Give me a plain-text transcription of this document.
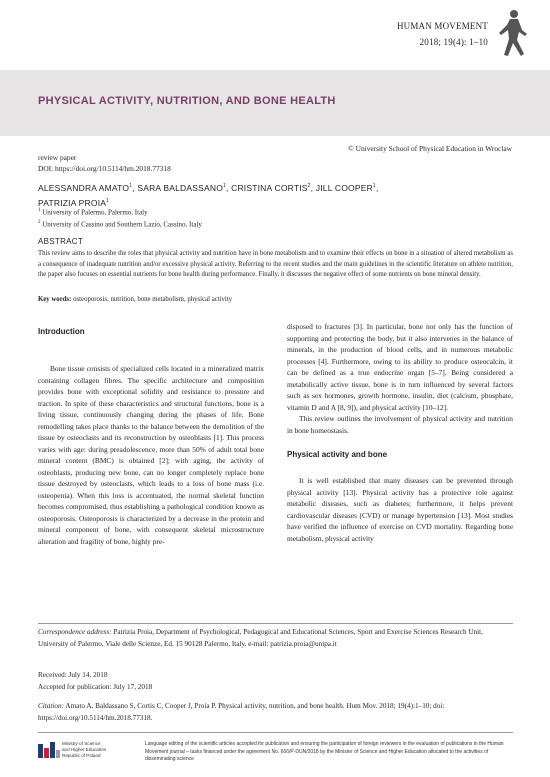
HUMAN MOVEMENT
2018; 19(4): 1–10
PHYSICAL ACTIVITY, NUTRITION, AND BONE HEALTH
review paper
DOI: https://doi.org/10.5114/hm.2018.77318
© University School of Physical Education in Wroclaw
ALESSANDRA AMATO$^1$, SARA BALDASSANO$^1$, CRISTINA CORTIS$^2$, JILL COOPER$^1$,
PATRIZIA PROIA$^1$
$^1$ University of Palermo, Palermo, Italy
$^2$ University of Cassino and Southern Lazio, Cassino, Italy
ABSTRACT
This review aims to describe the roles that physical activity and nutrition have in bone metabolism and to examine their effects on bone in a situation of altered metabolism as a consequence of inadequate nutrition and/or excessive physical activity. Referring to the recent studies and the main guidelines in the scientific literature on athlete nutrition, the paper also focuses on essential nutrients for bone health during performance. Finally, it discusses the negative effect of some nutrients on bone mineral density.
Key words: osteoporosis, nutrition, bone metabolism, physical activity
Introduction

Bone tissue consists of specialized cells located in a mineralized matrix containing collagen fibres. The specific architecture and composition provides bone with exceptional solidity and resistance to pressure and traction. In spite of these characteristics and structural functions, bone is a living tissue, continuously changing during the phases of life. Bone remodelling takes place thanks to the balance between the demolition of the tissue by osteoclasts and its reconstruction by osteoblasts [1]. This process varies with age: during preadolescence, more than 50% of adult total bone mineral content (BMC) is obtained [2]; with aging, the activity of osteoblasts, producing new bone, can no longer completely replace bone tissue destroyed by osteoclasts, which leads to a loss of bone mass (i.e. osteopenia). When this loss is accentuated, the normal skeletal function becomes compromised, thus establishing a pathological condition known as osteoporosis. Osteoporosis is characterized by a decrease in the protein and mineral component of bone, with consequent skeletal microstructure alteration and fragility of bone, highly pre-

disposed to fractures [3]. In particular, bone not only has the function of supporting and protecting the body, but it also intervenes in the balance of minerals, in the production of blood cells, and in numerous metabolic processes [4]. Furthermore, owing to its ability to produce osteocalcin, it can be defined as a true endocrine organ [5–7]. Being considered a metabolically active tissue, bone is in turn influenced by several factors such as sex hormones, growth hormone, insulin, diet (calcium, phosphate, vitamin D and A [8, 9]), and physical activity [10–12].

This review outlines the involvement of physical activity and nutrition in bone homeostasis.

Physical activity and bone

It is well established that many diseases can be prevented through physical activity [13]. Physical activity has a protective role against metabolic diseases, such as diabetes; furthermore, it helps prevent cardiovascular diseases (CVD) or manage hypertension [13]. Most studies have verified the influence of exercise on CVD mortality. Regarding bone metabolism, physical activity

Correspondence address: Patrizia Proia, Department of Psychological, Pedagogical and Educational Sciences, Sport and Exercise Sciences Research Unit, University of Palermo, Viale delle Scienze, Ed. 15 90128 Palermo, Italy, e-mail: patrizia.proia@unipa.it
Received: July 14, 2018
Accepted for publication: July 17, 2018
Citation: Amato A, Baldassano S, Cortis C, Cooper J, Proia P. Physical activity, nutrition, and bone health. Hum Mov. 2018; 19(4):1–10; doi: https://doi.org/10.5114/hm.2018.77318.
Ministry of Science
and Higher Education
Republic of Poland
Language editing of the scientific articles accepted for publication and ensuring the participation of foreign reviewers in the evaluation of publications in the Human Movement journal – tasks financed under the agreement No. 666/P-DUN/2018 by the Minister of Science and Higher Education allocated to the activities of disseminating science
